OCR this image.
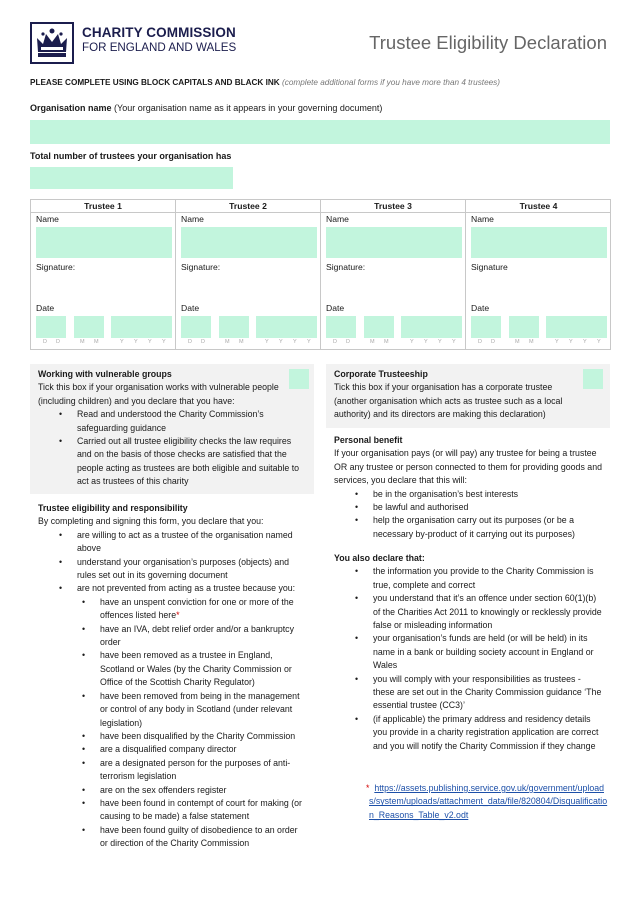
CHARITY COMMISSION
FOR ENGLAND AND WALES	Trustee Eligibility Declaration
PLEASE COMPLETE USING BLOCK CAPITALS AND BLACK INK (complete additional forms if you have more than 4 trustees)
Organisation name (Your organisation name as it appears in your governing document)
Total number of trustees your organisation has
Trustee 1
Name
Signature:
Date
D D	M M	Y Y Y Y
Trustee 2
Name
Signature:
Date
D D	M M	Y Y Y Y
Trustee 3
Name
Signature:
Date
D D	M M	Y Y Y Y
Trustee 4
Name
Signature
Date
D D	M M	Y Y Y Y
Working with vulnerable groups
Tick this box if your organisation works with vulnerable people (including children) and you declare that you have:
• Read and understood the Charity Commission’s safeguarding guidance
• Carried out all trustee eligibility checks the law requires and on the basis of those checks are satisfied that the people acting as trustees are both eligible and suitable to act as trustees of this charity
Trustee eligibility and responsibility
By completing and signing this form, you declare that you:
• are willing to act as a trustee of the organisation named above
• understand your organisation’s purposes (objects) and rules set out in its governing document
• are not prevented from acting as a trustee because you:
• have an unspent conviction for one or more of the offences listed here*
• have an IVA, debt relief order and/or a bankruptcy order
• have been removed as a trustee in England, Scotland or Wales (by the Charity Commission or Office of the Scottish Charity Regulator)
• have been removed from being in the management or control of any body in Scotland (under relevant legislation)
• have been disqualified by the Charity Commission
• are a disqualified company director
• are a designated person for the purposes of anti-terrorism legislation
• are on the sex offenders register
• have been found in contempt of court for making (or causing to be made) a false statement
• have been found guilty of disobedience to an order or direction of the Charity Commission
Corporate Trusteeship
Tick this box if your organisation has a corporate trustee (another organisation which acts as trustee such as a local authority) and its directors are making this declaration)
Personal benefit
If your organisation pays (or will pay) any trustee for being a trustee OR any trustee or person connected to them for providing goods and services, you declare that this will:
• be in the organisation’s best interests
• be lawful and authorised
• help the organisation carry out its purposes (or be a necessary by-product of it carrying out its purposes)
You also declare that:
• the information you provide to the Charity Commission is true, complete and correct
• you understand that it’s an offence under section 60(1)(b) of the Charities Act 2011 to knowingly or recklessly provide false or misleading information
• your organisation’s funds are held (or will be held) in its name in a bank or building society account in England or Wales
• you will comply with your responsibilities as trustees - these are set out in the Charity Commission guidance ‘The essential trustee (CC3)’
• (if applicable) the primary address and residency details you provide in a charity registration application are correct and you will notify the Charity Commission if they change
* https://assets.publishing.service.gov.uk/government/uploads/system/uploads/attachment_data/file/820804/Disqualification_Reasons_Table_v2.odt
